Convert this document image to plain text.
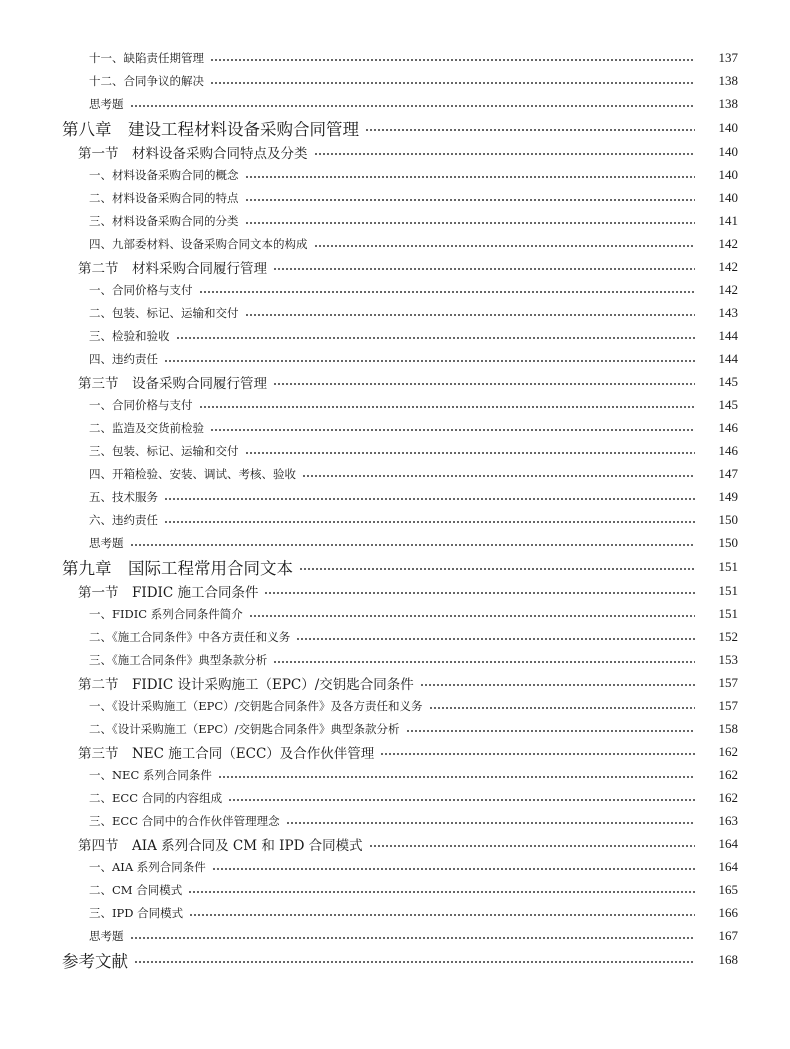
十一、缺陷责任期管理	137
十二、合同争议的解决	138
思考题	138
第八章　建设工程材料设备采购合同管理	140
第一节　材料设备采购合同特点及分类	140
一、材料设备采购合同的概念	140
二、材料设备采购合同的特点	140
三、材料设备采购合同的分类	141
四、九部委材料、设备采购合同文本的构成	142
第二节　材料采购合同履行管理	142
一、合同价格与支付	142
二、包装、标记、运输和交付	143
三、检验和验收	144
四、违约责任	144
第三节　设备采购合同履行管理	145
一、合同价格与支付	145
二、监造及交货前检验	146
三、包装、标记、运输和交付	146
四、开箱检验、安装、调试、考核、验收	147
五、技术服务	149
六、违约责任	150
思考题	150
第九章　国际工程常用合同文本	151
第一节　FIDIC 施工合同条件	151
一、FIDIC 系列合同条件简介	151
二、《施工合同条件》中各方责任和义务	152
三、《施工合同条件》典型条款分析	153
第二节　FIDIC 设计采购施工（EPC）/交钥匙合同条件	157
一、《设计采购施工（EPC）/交钥匙合同条件》及各方责任和义务	157
二、《设计采购施工（EPC）/交钥匙合同条件》典型条款分析	158
第三节　NEC 施工合同（ECC）及合作伙伴管理	162
一、NEC 系列合同条件	162
二、ECC 合同的内容组成	162
三、ECC 合同中的合作伙伴管理理念	163
第四节　AIA 系列合同及 CM 和 IPD 合同模式	164
一、AIA 系列合同条件	164
二、CM 合同模式	165
三、IPD 合同模式	166
思考题	167
参考文献	168
